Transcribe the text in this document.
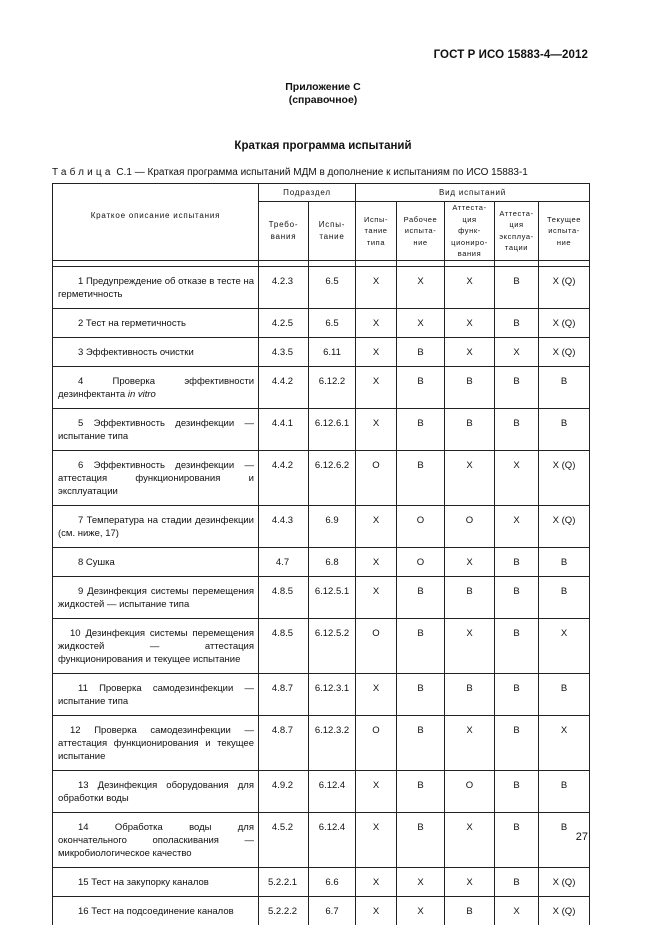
ГОСТ Р ИСО 15883-4—2012
Приложение С
(справочное)
Краткая программа испытаний
Таблица С.1 — Краткая программа испытаний МДМ в дополнение к испытаниям по ИСО 15883-1
Краткое описание испытания	Подраздел		Вид испытаний				
	Требо-вания	Испы-тание	Испы-тание типа	Рабочее испыта-ние	Аттеста-ция функ-циониро-вания	Аттеста-ция эксплуа-тации	Текущее испыта-ние

1 Предупреждение об отказе в тесте на герметичность	4.2.3	6.5	X	X	X	B	X (Q)
2 Тест на герметичность	4.2.5	6.5	X	X	X	B	X (Q)
3 Эффективность очистки	4.3.5	6.11	X	B	X	X	X (Q)
4 Проверка эффективности дезинфектанта in vitro	4.4.2	6.12.2	X	B	B	B	B
5 Эффективность дезинфекции — испытание типа	4.4.1	6.12.6.1	X	B	B	B	B
6 Эффективность дезинфекции — аттестация функционирования и эксплуатации	4.4.2	6.12.6.2	O	B	X	X	X (Q)
7 Температура на стадии дезинфекции (см. ниже, 17)	4.4.3	6.9	X	O	O	X	X (Q)
8 Сушка	4.7	6.8	X	O	X	B	B
9 Дезинфекция системы перемещения жидкостей — испытание типа	4.8.5	6.12.5.1	X	B	B	B	B
10 Дезинфекция системы перемещения жидкостей — аттестация функционирования и текущее испытание	4.8.5	6.12.5.2	O	B	X	B	X
11 Проверка самодезинфекции — испытание типа	4.8.7	6.12.3.1	X	B	B	B	B
12 Проверка самодезинфекции — аттестация функционирования и текущее испытание	4.8.7	6.12.3.2	O	B	X	B	X
13 Дезинфекция оборудования для обработки воды	4.9.2	6.12.4	X	B	O	B	B
14 Обработка воды для окончательного ополаскивания — микробиологическое качество	4.5.2	6.12.4	X	B	X	B	B
15 Тест на закупорку каналов	5.2.2.1	6.6	X	X	X	B	X (Q)
16 Тест на подсоединение каналов	5.2.2.2	6.7	X	X	B	X	X (Q)
27
